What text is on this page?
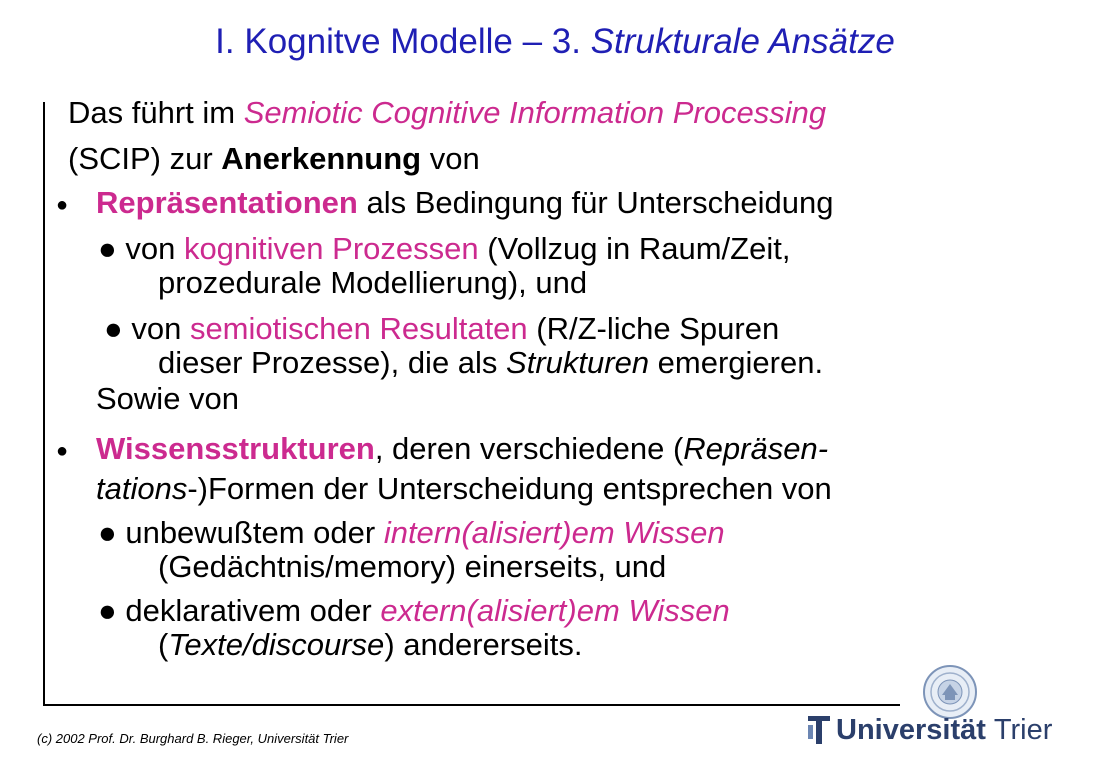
I. Kognitve Modelle – 3. Strukturale Ansätze
Das führt im Semiotic Cognitive Information Processing
(SCIP) zur Anerkennung von
● Repräsentationen als Bedingung für Unterscheidung
● von kognitiven Prozessen (Vollzug in Raum/Zeit,
prozedurale Modellierung), und
● von semiotischen Resultaten (R/Z-liche Spuren
dieser Prozesse), die als Strukturen emergieren.
Sowie von
● Wissensstrukturen, deren verschiedene (Repräsen-
tations-)Formen der Unterscheidung entsprechen von
● unbewußtem oder intern(alisiert)em Wissen
(Gedächtnis/memory) einerseits, und
● deklarativem oder extern(alisiert)em Wissen
(Texte/discourse) andererseits.
(c) 2002 Prof. Dr. Burghard B. Rieger, Universität Trier	Universität Trier
